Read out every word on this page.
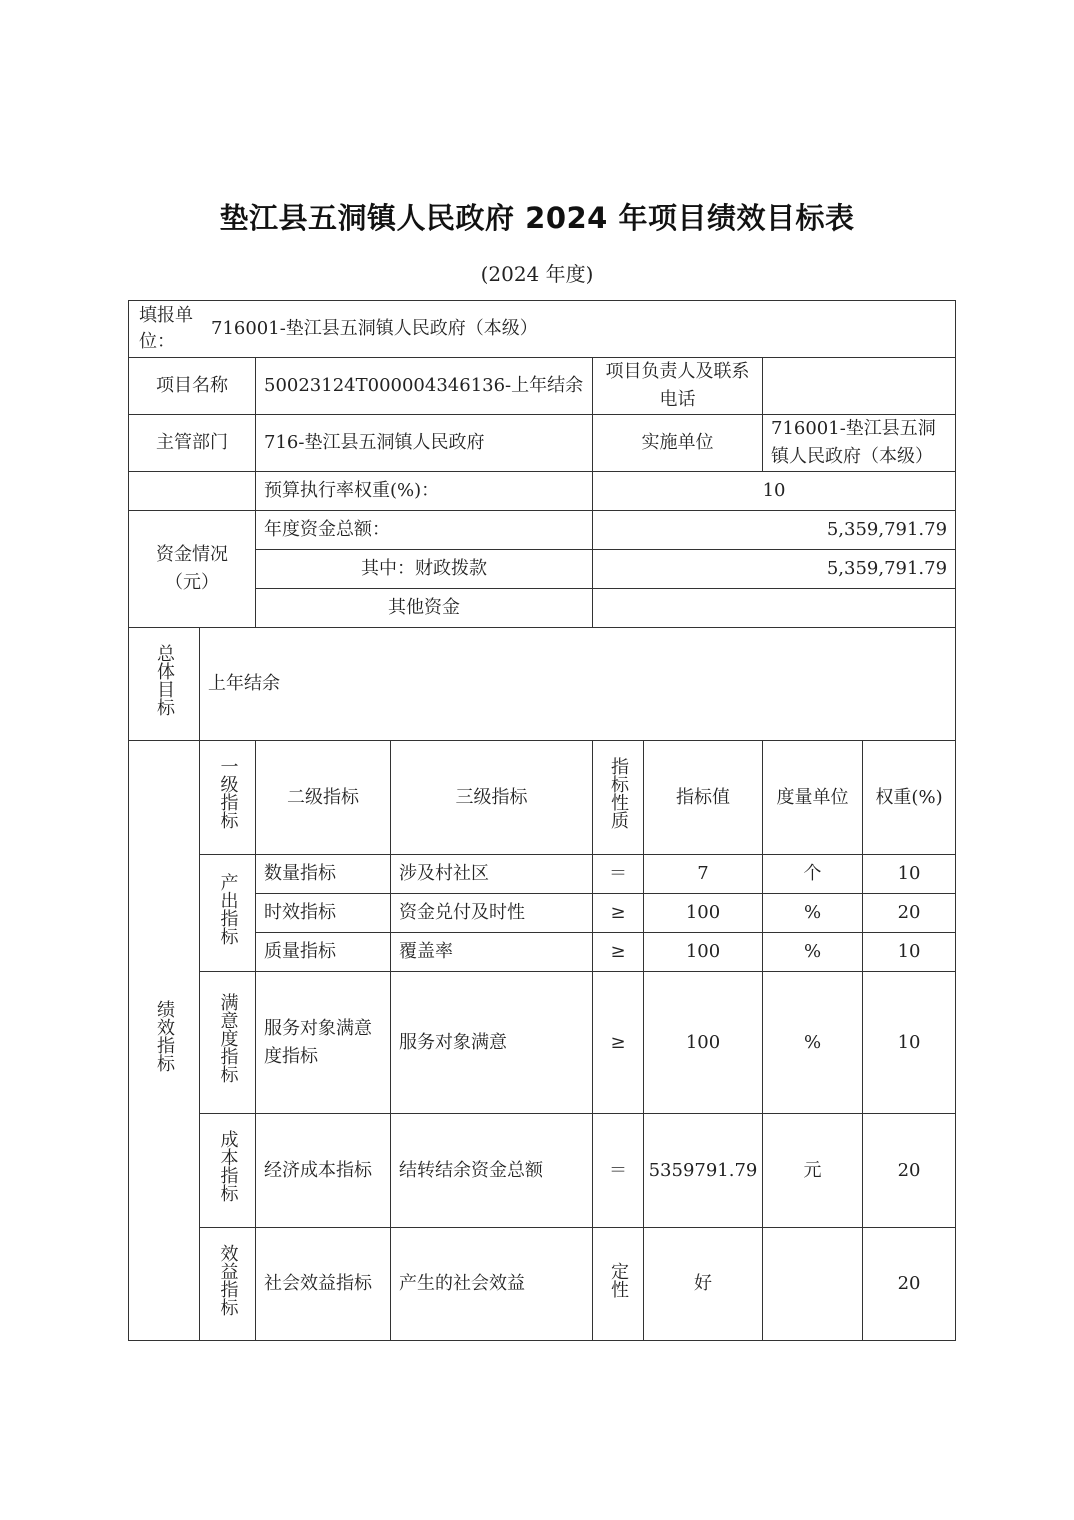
垫江县五洞镇人民政府 2024 年项目绩效目标表
(2024 年度)
填报单位：
716001-垫江县五洞镇人民政府（本级）							

项目名称		50023124T000004346136-上年结余		项目负责人及联系电话			
主管部门		716-垫江县五洞镇人民政府		实施单位		716001-垫江县五洞镇人民政府（本级）	
		预算执行率权重(%)：		10			
资金情况（元）		年度资金总额：		5,359,791.79			
		其中：财政拨款		5,359,791.79			
		其他资金					
总体目标	上年结余						
绩效指标	一级指标	二级指标	三级指标	指标性质	指标值	度量单位	权重(%)
	产出指标	数量指标	涉及村社区	＝	7	个	10
		时效指标	资金兑付及时性	≥	100	%	20
		质量指标	覆盖率	≥	100	%	10
	满意度指标	服务对象满意度指标	服务对象满意	≥	100	%	10
	成本指标	经济成本指标	结转结余资金总额	＝	5359791.79	元	20
	效益指标	社会效益指标	产生的社会效益	定性	好		20
